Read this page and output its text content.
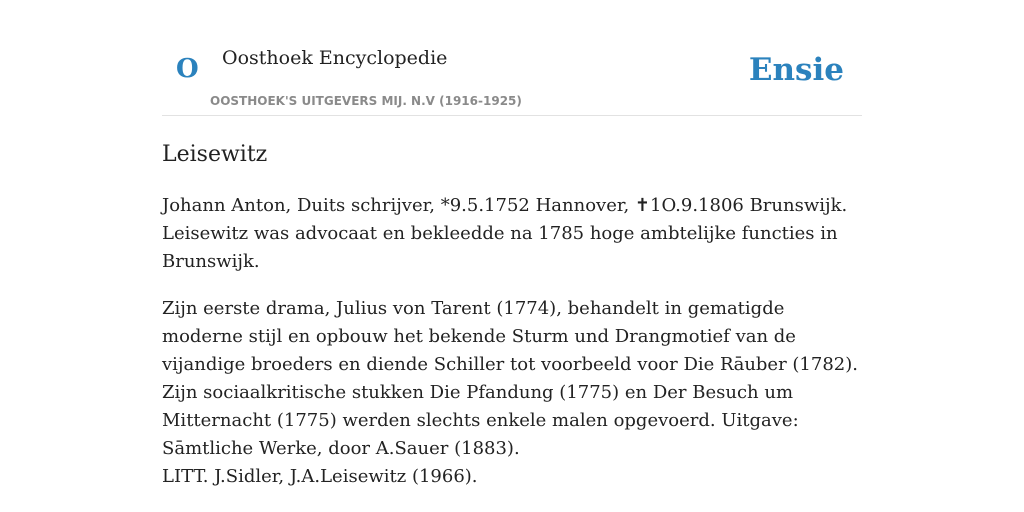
O Oosthoek Encyclopedie
OOSTHOEK'S UITGEVERS MIJ. N.V (1916-1925)
Ensie
Leisewitz

Johann Anton, Duits schrijver, *9.5.1752 Hannover, ✝1O.9.1806 Brunswijk. Leisewitz was advocaat en bekleedde na 1785 hoge ambtelijke functies in Brunswijk.

Zijn eerste drama, Julius von Tarent (1774), behandelt in gematigde moderne stijl en opbouw het bekende Sturm und Drangmotief van de vijandige broeders en diende Schiller tot voorbeeld voor Die Rāuber (1782). Zijn sociaalkritische stukken Die Pfandung (1775) en Der Besuch um Mitternacht (1775) werden slechts enkele malen opgevoerd. Uitgave: Sāmtliche Werke, door A.Sauer (1883).

LITT. J.Sidler, J.A.Leisewitz (1966).
